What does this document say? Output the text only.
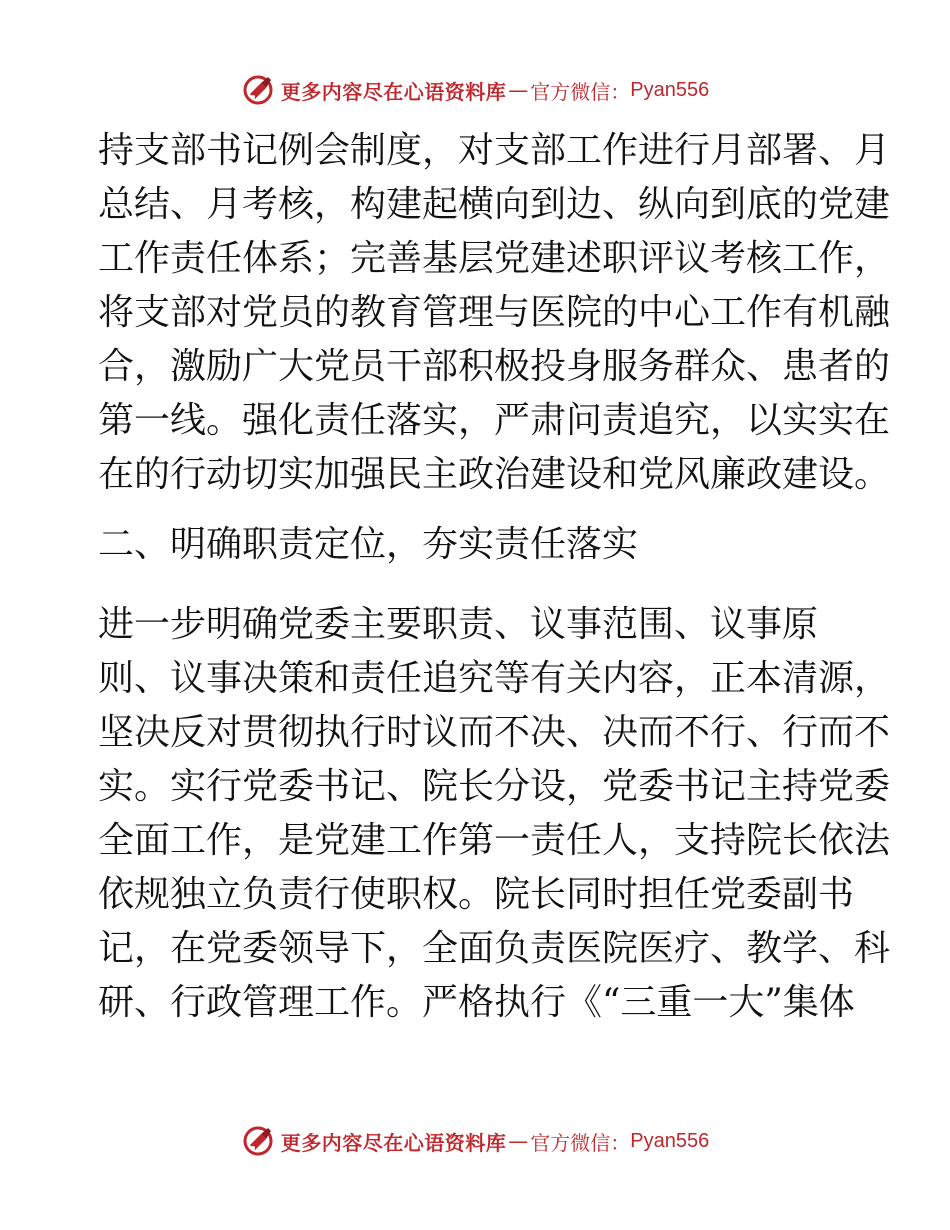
更多内容尽在心语资料库 — 官方微信： Pyan556
持支部书记例会制度，对支部工作进行月部署、月
总结、月考核，构建起横向到边、纵向到底的党建
工作责任体系；完善基层党建述职评议考核工作，
将支部对党员的教育管理与医院的中心工作有机融
合，激励广大党员干部积极投身服务群众、患者的
第一线。强化责任落实，严肃问责追究，以实实在
在的行动切实加强民主政治建设和党风廉政建设。
二、明确职责定位，夯实责任落实
进一步明确党委主要职责、议事范围、议事原
则、议事决策和责任追究等有关内容，正本清源，
坚决反对贯彻执行时议而不决、决而不行、行而不
实。实行党委书记、院长分设，党委书记主持党委
全面工作，是党建工作第一责任人，支持院长依法
依规独立负责行使职权。院长同时担任党委副书
记，在党委领导下，全面负责医院医疗、教学、科
研、行政管理工作。严格执行《“三重一大”集体
更多内容尽在心语资料库 — 官方微信： Pyan556
